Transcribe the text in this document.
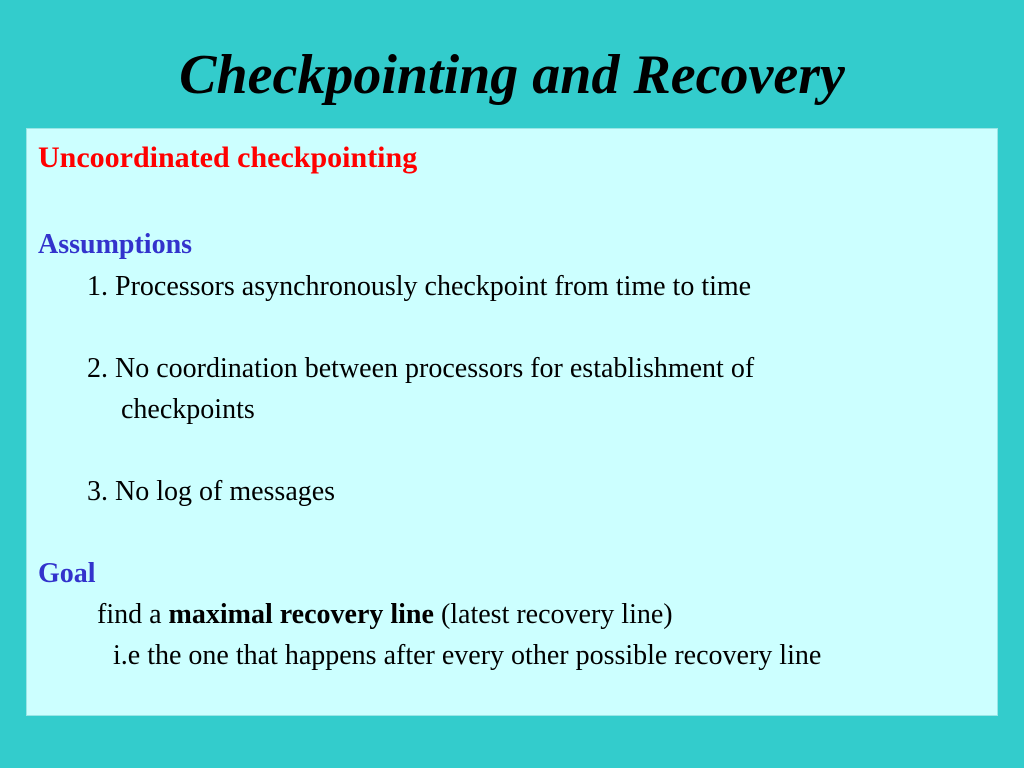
Checkpointing and Recovery
Uncoordinated checkpointing
Assumptions
1. Processors asynchronously checkpoint from time to time
2. No coordination between processors for establishment of
checkpoints
3. No log of messages
Goal
find a maximal recovery line (latest recovery line)
i.e the one that happens after every other possible recovery line
